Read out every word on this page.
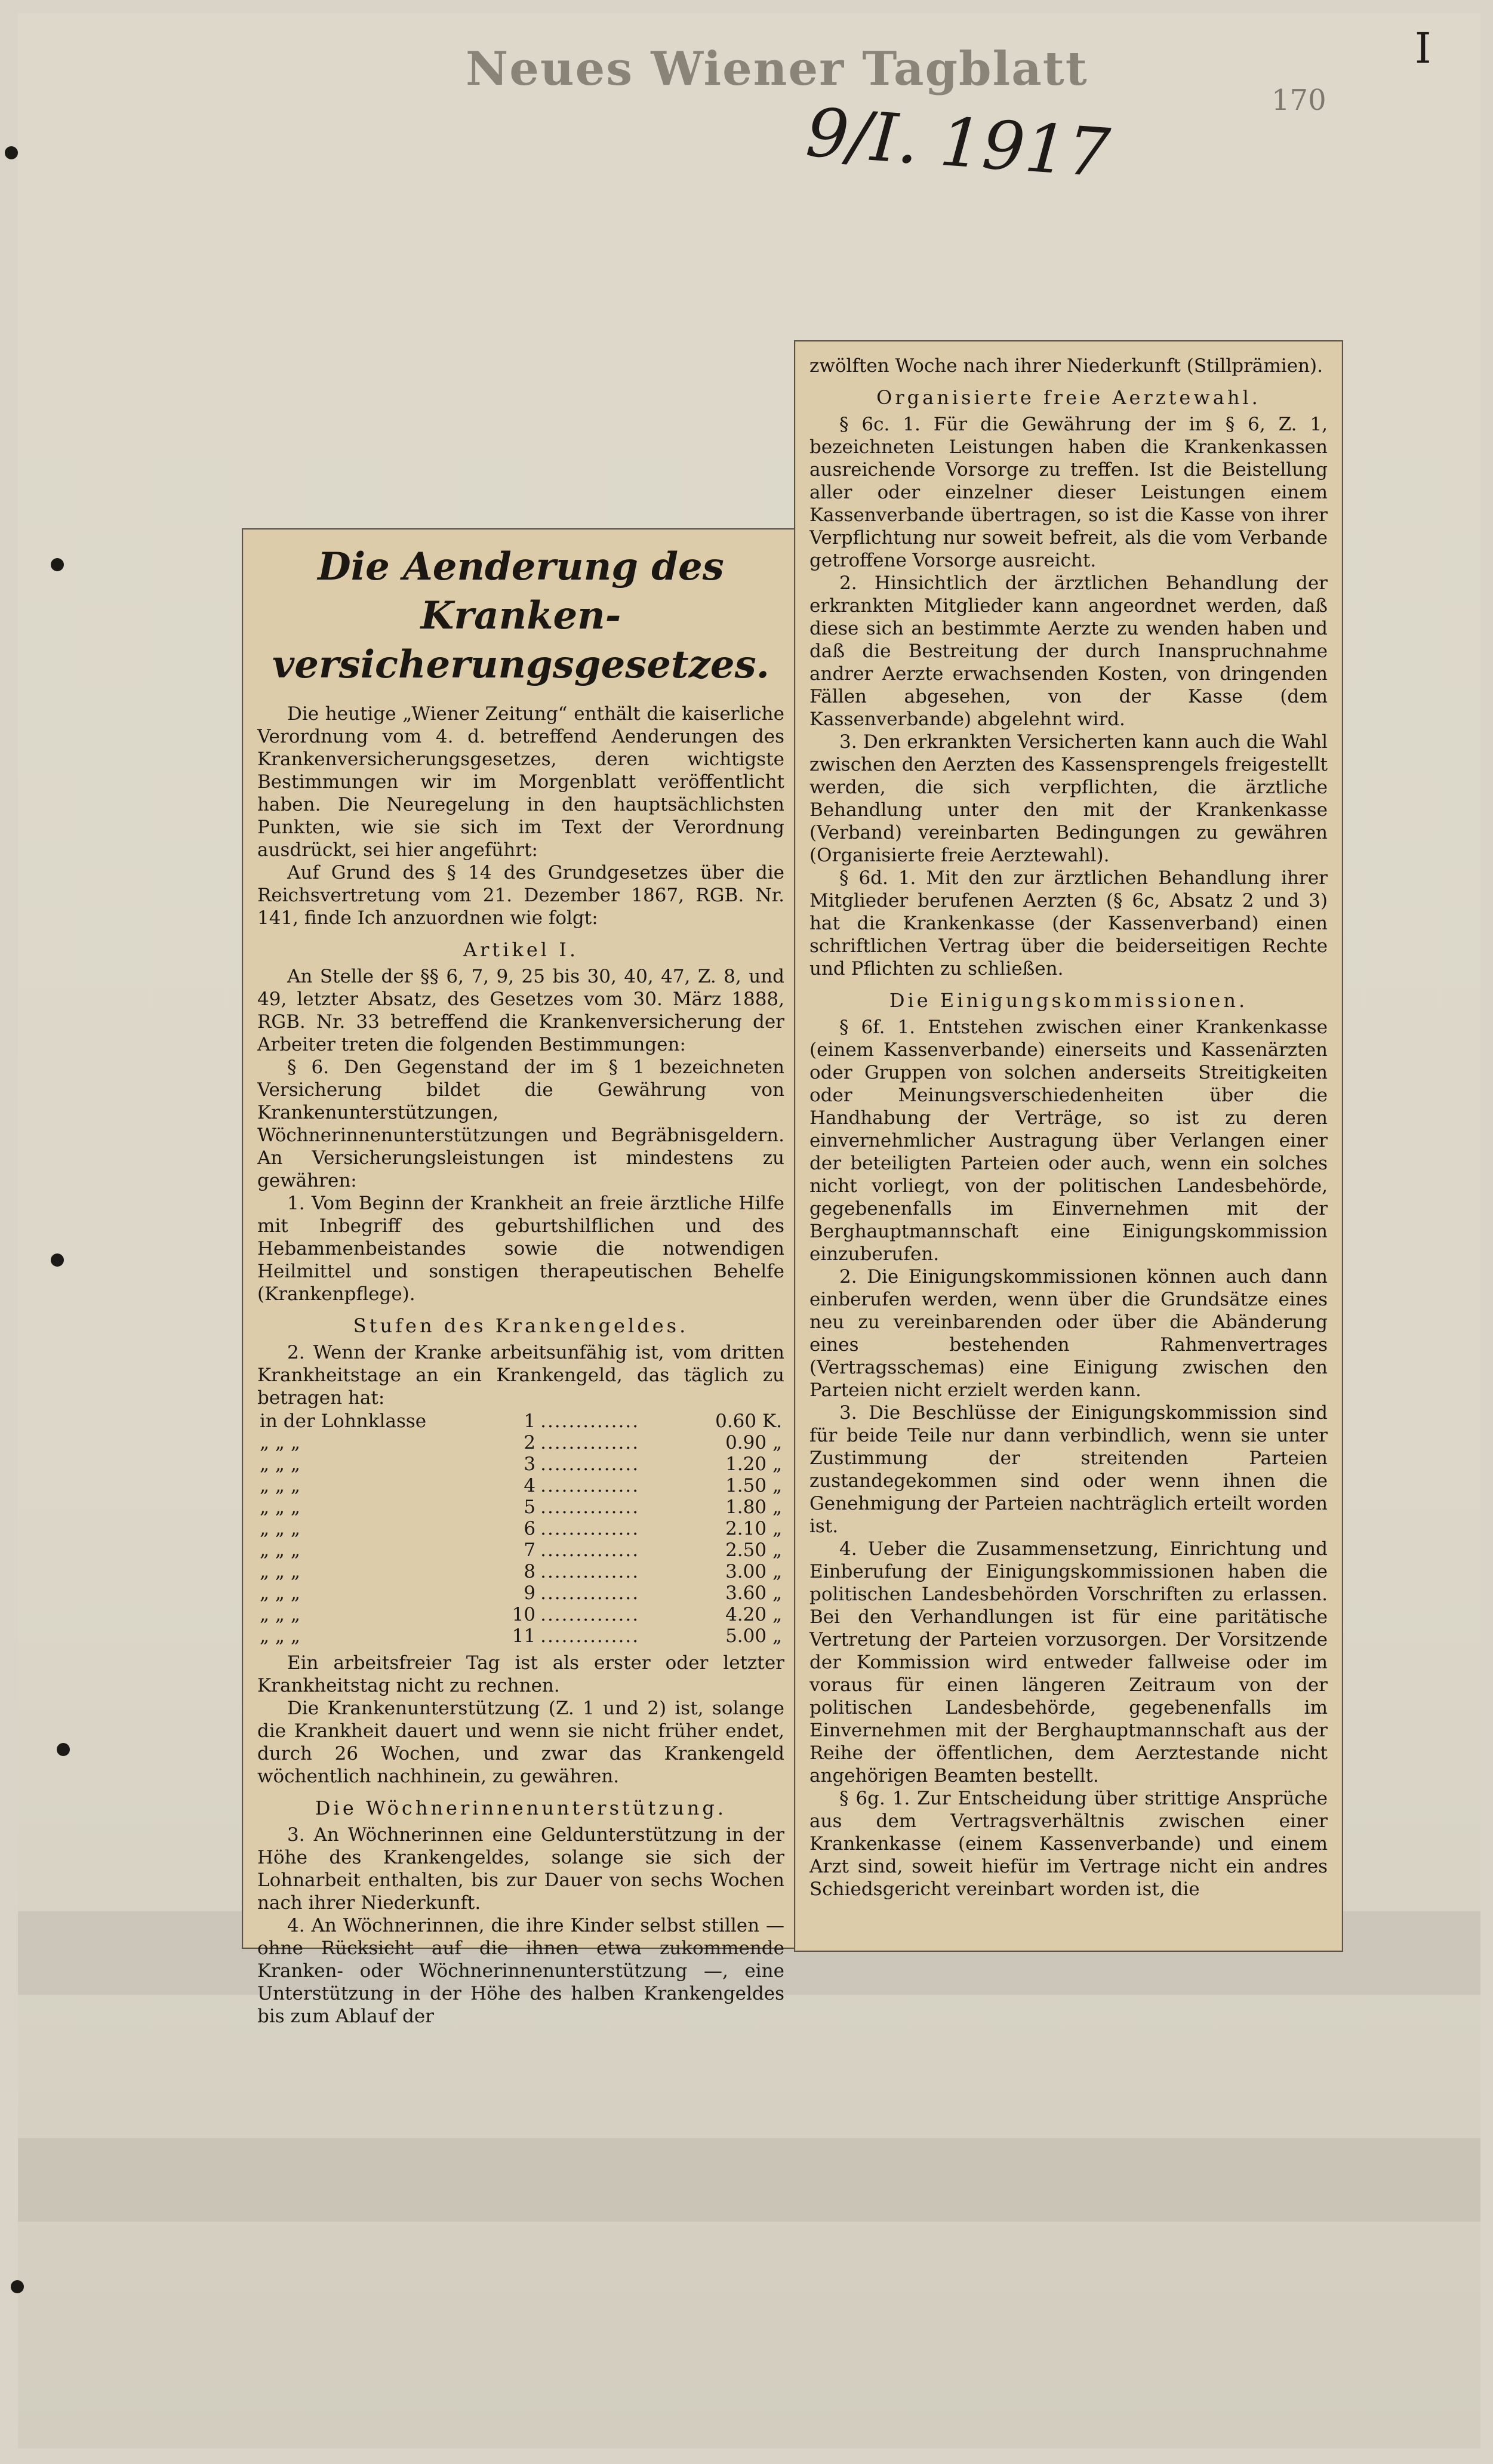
Neues Wiener Tagblatt
9/I. 1917	170
I
Die Aenderung des Kranken-versicherungsgesetzes.

Die heutige „Wiener Zeitung“ enthält die kaiserliche Verordnung vom 4. d. betreffend Aenderungen des Krankenversicherungsgesetzes, deren wichtigste Bestimmungen wir im Morgenblatt veröffentlicht haben. Die Neuregelung in den hauptsächlichsten Punkten, wie sie sich im Text der Verordnung ausdrückt, sei hier angeführt:

Auf Grund des § 14 des Grundgesetzes über die Reichsvertretung vom 21. Dezember 1867, RGB. Nr. 141, finde Ich anzuordnen wie folgt:

Artikel I.

An Stelle der §§ 6, 7, 9, 25 bis 30, 40, 47, Z. 8, und 49, letzter Absatz, des Gesetzes vom 30. März 1888, RGB. Nr. 33 betreffend die Krankenversicherung der Arbeiter treten die folgenden Bestimmungen:

§ 6. Den Gegenstand der im § 1 bezeichneten Versicherung bildet die Gewährung von Krankenunterstützungen, Wöchnerinnenunterstützungen und Begräbnisgeldern. An Versicherungsleistungen ist mindestens zu gewähren:

1. Vom Beginn der Krankheit an freie ärztliche Hilfe mit Inbegriff des geburtshilflichen und des Hebammenbeistandes sowie die notwendigen Heilmittel und sonstigen therapeutischen Behelfe (Krankenpflege).

Stufen des Krankengeldes.

2. Wenn der Kranke arbeitsunfähig ist, vom dritten Krankheitstage an ein Krankengeld, das täglich zu betragen hat:

in der Lohnklasse	1	..............	0.60 K.
„ „ „	2	..............	0.90 „
„ „ „	3	..............	1.20 „
„ „ „	4	..............	1.50 „
„ „ „	5	..............	1.80 „
„ „ „	6	..............	2.10 „
„ „ „	7	..............	2.50 „
„ „ „	8	..............	3.00 „
„ „ „	9	..............	3.60 „
„ „ „	10	..............	4.20 „
„ „ „	11	..............	5.00 „

Ein arbeitsfreier Tag ist als erster oder letzter Krankheitstag nicht zu rechnen.

Die Krankenunterstützung (Z. 1 und 2) ist, solange die Krankheit dauert und wenn sie nicht früher endet, durch 26 Wochen, und zwar das Krankengeld wöchentlich nachhinein, zu gewähren.

Die Wöchnerinnenunterstützung.

3. An Wöchnerinnen eine Geldunterstützung in der Höhe des Krankengeldes, solange sie sich der Lohnarbeit enthalten, bis zur Dauer von sechs Wochen nach ihrer Niederkunft.

4. An Wöchnerinnen, die ihre Kinder selbst stillen — ohne Rücksicht auf die ihnen etwa zukommende Kranken- oder Wöchnerinnenunterstützung —, eine Unterstützung in der Höhe des halben Krankengeldes bis zum Ablauf der

zwölften Woche nach ihrer Niederkunft (Stillprämien).

Organisierte freie Aerztewahl.

§ 6c. 1. Für die Gewährung der im § 6, Z. 1, bezeichneten Leistungen haben die Krankenkassen ausreichende Vorsorge zu treffen. Ist die Beistellung aller oder einzelner dieser Leistungen einem Kassenverbande übertragen, so ist die Kasse von ihrer Verpflichtung nur soweit befreit, als die vom Verbande getroffene Vorsorge ausreicht.

2. Hinsichtlich der ärztlichen Behandlung der erkrankten Mitglieder kann angeordnet werden, daß diese sich an bestimmte Aerzte zu wenden haben und daß die Bestreitung der durch Inanspruchnahme andrer Aerzte erwachsenden Kosten, von dringenden Fällen abgesehen, von der Kasse (dem Kassenverbande) abgelehnt wird.

3. Den erkrankten Versicherten kann auch die Wahl zwischen den Aerzten des Kassensprengels freigestellt werden, die sich verpflichten, die ärztliche Behandlung unter den mit der Krankenkasse (Verband) vereinbarten Bedingungen zu gewähren (Organisierte freie Aerztewahl).

§ 6d. 1. Mit den zur ärztlichen Behandlung ihrer Mitglieder berufenen Aerzten (§ 6c, Absatz 2 und 3) hat die Krankenkasse (der Kassenverband) einen schriftlichen Vertrag über die beiderseitigen Rechte und Pflichten zu schließen.

Die Einigungskommissionen.

§ 6f. 1. Entstehen zwischen einer Krankenkasse (einem Kassenverbande) einerseits und Kassenärzten oder Gruppen von solchen anderseits Streitigkeiten oder Meinungsverschiedenheiten über die Handhabung der Verträge, so ist zu deren einvernehmlicher Austragung über Verlangen einer der beteiligten Parteien oder auch, wenn ein solches nicht vorliegt, von der politischen Landesbehörde, gegebenenfalls im Einvernehmen mit der Berghauptmannschaft eine Einigungskommission einzuberufen.

2. Die Einigungskommissionen können auch dann einberufen werden, wenn über die Grundsätze eines neu zu vereinbarenden oder über die Abänderung eines bestehenden Rahmenvertrages (Vertragsschemas) eine Einigung zwischen den Parteien nicht erzielt werden kann.

3. Die Beschlüsse der Einigungskommission sind für beide Teile nur dann verbindlich, wenn sie unter Zustimmung der streitenden Parteien zustandegekommen sind oder wenn ihnen die Genehmigung der Parteien nachträglich erteilt worden ist.

4. Ueber die Zusammensetzung, Einrichtung und Einberufung der Einigungskommissionen haben die politischen Landesbehörden Vorschriften zu erlassen. Bei den Verhandlungen ist für eine paritätische Vertretung der Parteien vorzusorgen. Der Vorsitzende der Kommission wird entweder fallweise oder im voraus für einen längeren Zeitraum von der politischen Landesbehörde, gegebenenfalls im Einvernehmen mit der Berghauptmannschaft aus der Reihe der öffentlichen, dem Aerztestande nicht angehörigen Beamten bestellt.

§ 6g. 1. Zur Entscheidung über strittige Ansprüche aus dem Vertragsverhältnis zwischen einer Krankenkasse (einem Kassenverbande) und einem Arzt sind, soweit hiefür im Vertrage nicht ein andres Schiedsgericht vereinbart worden ist, die
